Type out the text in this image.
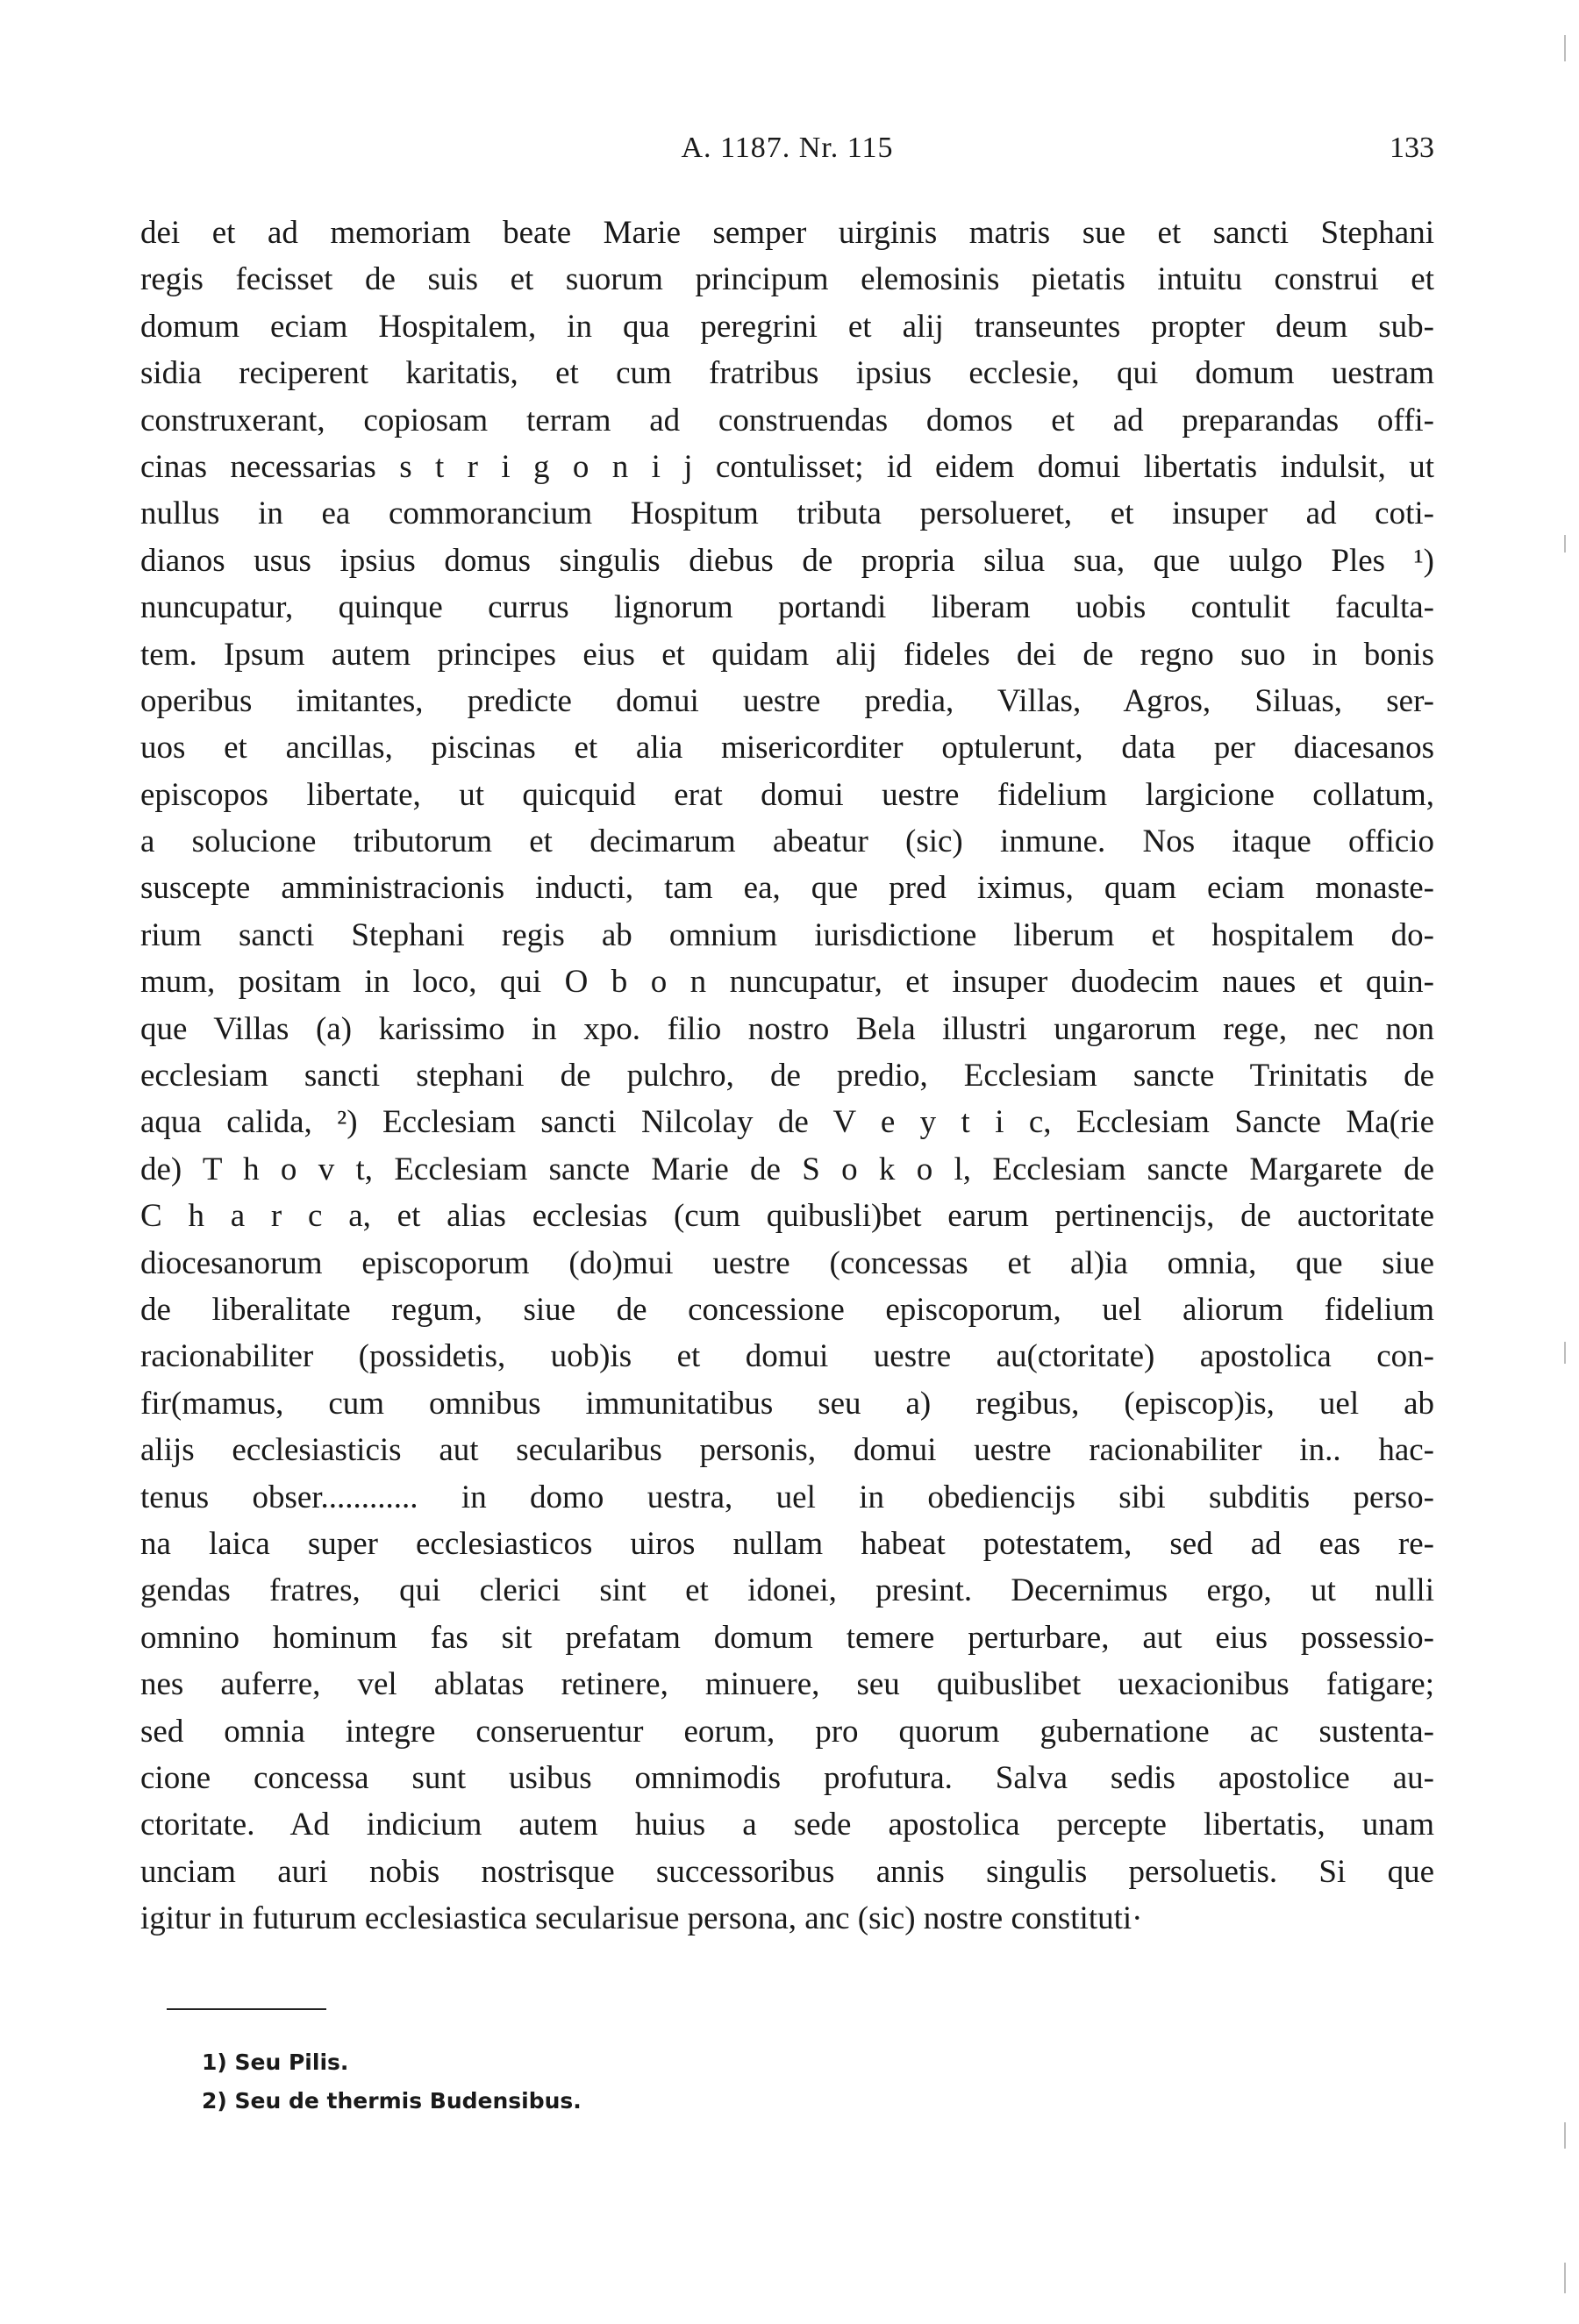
A. 1187. Nr. 115	133
dei et ad memoriam beate Marie semper uirginis matris sue et sancti Stephani
regis fecisset de suis et suorum principum elemosinis pietatis intuitu construi et
domum eciam Hospitalem, in qua peregrini et alij transeuntes propter deum sub-
sidia reciperent karitatis, et cum fratribus ipsius ecclesie, qui domum uestram
construxerant, copiosam terram ad construendas domos et ad preparandas offi-
cinas necessarias s t r i g o n i j contulisset; id eidem domui libertatis indulsit, ut
nullus in ea commorancium Hospitum tributa persolueret, et insuper ad coti-
dianos usus ipsius domus singulis diebus de propria silua sua, que uulgo Ples ¹)
nuncupatur, quinque currus lignorum portandi liberam uobis contulit faculta-
tem. Ipsum autem principes eius et quidam alij fideles dei de regno suo in bonis
operibus imitantes, predicte domui uestre predia, Villas, Agros, Siluas, ser-
uos et ancillas, piscinas et alia misericorditer optulerunt, data per diacesanos
episcopos libertate, ut quicquid erat domui uestre fidelium largicione collatum,
a solucione tributorum et decimarum abeatur (sic) inmune. Nos itaque officio
suscepte amministracionis inducti, tam ea, que pred iximus, quam eciam monaste-
rium sancti Stephani regis ab omnium iurisdictione liberum et hospitalem do-
mum, positam in loco, qui O b o n nuncupatur, et insuper duodecim naues et quin-
que Villas (a) karissimo in xpo. filio nostro Bela illustri ungarorum rege, nec non
ecclesiam sancti stephani de pulchro, de predio, Ecclesiam sancte Trinitatis de
aqua calida, ²) Ecclesiam sancti Nilcolay de V e y t i c, Ecclesiam Sancte Ma(rie
de) T h o v t, Ecclesiam sancte Marie de S o k o l, Ecclesiam sancte Margarete de
C h a r c a, et alias ecclesias (cum quibusli)bet earum pertinencijs, de auctoritate
diocesanorum episcoporum (do)mui uestre (concessas et al)ia omnia, que siue
de liberalitate regum, siue de concessione episcoporum, uel aliorum fidelium
racionabiliter (possidetis, uob)is et domui uestre au(ctoritate) apostolica con-
fir(mamus, cum omnibus immunitatibus seu a) regibus, (episcop)is, uel ab
alijs ecclesiasticis aut secularibus personis, domui uestre racionabiliter in.. hac-
tenus obser............ in domo uestra, uel in obediencijs sibi subditis perso-
na laica super ecclesiasticos uiros nullam habeat potestatem, sed ad eas re-
gendas fratres, qui clerici sint et idonei, presint. Decernimus ergo, ut nulli
omnino hominum fas sit prefatam domum temere perturbare, aut eius possessio-
nes auferre, vel ablatas retinere, minuere, seu quibuslibet uexacionibus fatigare;
sed omnia integre conseruentur eorum, pro quorum gubernatione ac sustenta-
cione concessa sunt usibus omnimodis profutura. Salva sedis apostolice au-
ctoritate. Ad indicium autem huius a sede apostolica percepte libertatis, unam
unciam auri nobis nostrisque successoribus annis singulis persoluetis. Si que
igitur in futurum ecclesiastica secularisue persona, anc (sic) nostre constituti·
1) Seu Pilis.
2) Seu de thermis Budensibus.
